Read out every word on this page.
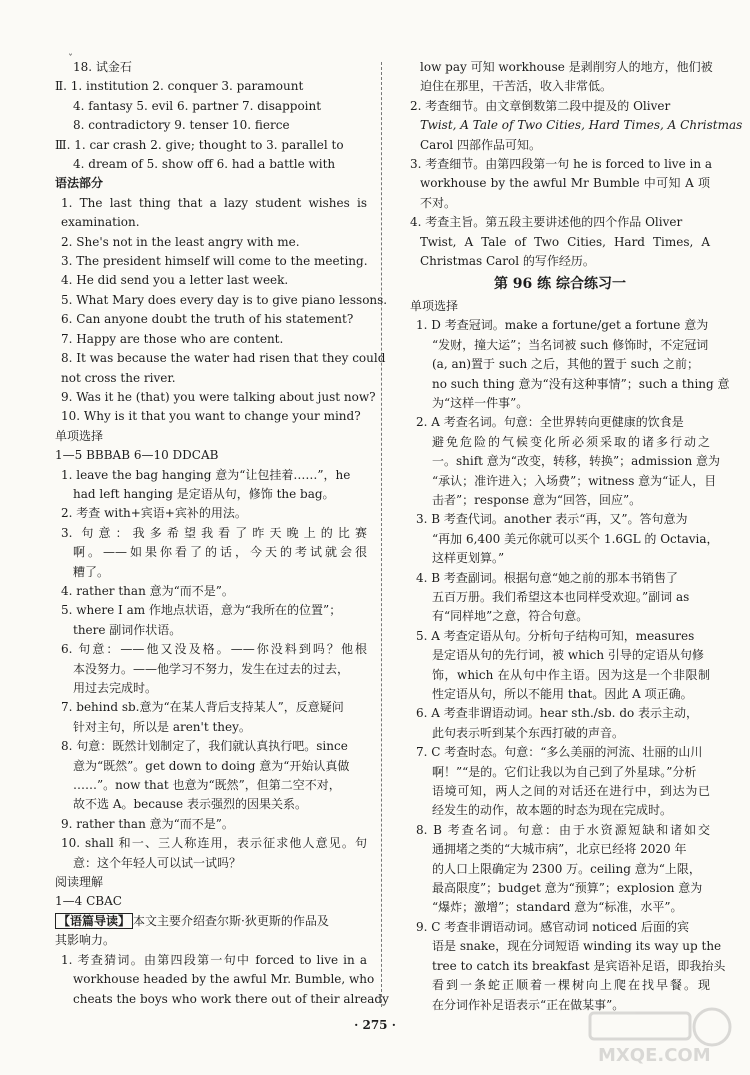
ˇ
18. 试金石
Ⅱ. 1. institution 2. conquer 3. paramount
4. fantasy 5. evil 6. partner 7. disappoint
8. contradictory 9. tenser 10. fierce
Ⅲ. 1. car crash 2. give; thought to 3. parallel to
4. dream of 5. show off 6. had a battle with
语法部分
1. The last thing that a lazy student wishes is
examination.
2. She's not in the least angry with me.
3. The president himself will come to the meeting.
4. He did send you a letter last week.
5. What Mary does every day is to give piano lessons.
6. Can anyone doubt the truth of his statement?
7. Happy are those who are content.
8. It was because the water had risen that they could
not cross the river.
9. Was it he (that) you were talking about just now?
10. Why is it that you want to change your mind?
单项选择
1—5 BBBAB 6—10 DDCAB
1. leave the bag hanging 意为“让包挂着……”，he
had left hanging 是定语从句，修饰 the bag。
2. 考查 with+宾语+宾补的用法。
3. 句意：我多希望我看了昨天晚上的比赛
啊。——如果你看了的话，今天的考试就会很
糟了。
4. rather than 意为“而不是”。
5. where I am 作地点状语，意为“我所在的位置”；
there 副词作状语。
6. 句意：——他又没及格。——你没料到吗？他根
本没努力。——他学习不努力，发生在过去的过去，
用过去完成时。
7. behind sb.意为“在某人背后支持某人”，反意疑问
针对主句，所以是 aren't they。
8. 句意：既然计划制定了，我们就认真执行吧。since
意为“既然”。get down to doing 意为“开始认真做
……”。now that 也意为“既然”，但第二空不对，
故不选 A。because 表示强烈的因果关系。
9. rather than 意为“而不是”。
10. shall 和一、三人称连用，表示征求他人意见。句
意：这个年轻人可以试一试吗？
阅读理解
1—4 CBAC
【语篇导读】 本文主要介绍查尔斯·狄更斯的作品及
其影响力。
1. 考查猜词。由第四段第一句中 forced to live in a
workhouse headed by the awful Mr. Bumble, who
cheats the boys who work there out of their already
low pay 可知 workhouse 是剥削穷人的地方，他们被
迫住在那里，干苦活，收入非常低。
2. 考查细节。由文章倒数第二段中提及的 Oliver
Twist, A Tale of Two Cities, Hard Times, A Christmas
Carol 四部作品可知。
3. 考查细节。由第四段第一句 he is forced to live in a
workhouse by the awful Mr Bumble 中可知 A 项
不对。
4. 考查主旨。第五段主要讲述他的四个作品 Oliver
Twist, A Tale of Two Cities, Hard Times, A
Christmas Carol 的写作经历。
第 96 练 综合练习一
单项选择
1. D 考查冠词。make a fortune/get a fortune 意为
“发财，撞大运”；当名词被 such 修饰时，不定冠词
(a, an)置于 such 之后，其他的置于 such 之前；
no such thing 意为“没有这种事情”；such a thing 意
为“这样一件事”。
2. A 考查名词。句意：全世界转向更健康的饮食是
避免危险的气候变化所必须采取的诸多行动之
一。shift 意为“改变，转移，转换”；admission 意为
“承认；准许进入；入场费”；witness 意为“证人，目
击者”；response 意为“回答，回应”。
3. B 考查代词。another 表示“再，又”。答句意为
“再加 6,400 美元你就可以买个 1.6GL 的 Octavia，
这样更划算。”
4. B 考查副词。根据句意“她之前的那本书销售了
五百万册。我们希望这本也同样受欢迎。”副词 as
有“同样地”之意，符合句意。
5. A 考查定语从句。分析句子结构可知，measures
是定语从句的先行词，被 which 引导的定语从句修
饰，which 在从句中作主语。因为这是一个非限制
性定语从句，所以不能用 that。因此 A 项正确。
6. A 考查非谓语动词。hear sth./sb. do 表示主动，
此句表示听到某个东西打破的声音。
7. C 考查时态。句意：“多么美丽的河流、壮丽的山川
啊！”“是的。它们让我以为自己到了外星球。”分析
语境可知，两人之间的对话还在进行中，到达为已
经发生的动作，故本题的时态为现在完成时。
8. B 考查名词。句意：由于水资源短缺和诸如交
通拥堵之类的“大城市病”，北京已经将 2020 年
的人口上限确定为 2300 万。ceiling 意为“上限，
最高限度”；budget 意为“预算”；explosion 意为
“爆炸；激增”；standard 意为“标准，水平”。
9. C 考查非谓语动词。感官动词 noticed 后面的宾
语是 snake，现在分词短语 winding its way up the
tree to catch its breakfast 是宾语补足语，即我抬头
看到一条蛇正顺着一棵树向上爬在找早餐。现
在分词作补足语表示“正在做某事”。
· 275 ·
MXQE.COM
